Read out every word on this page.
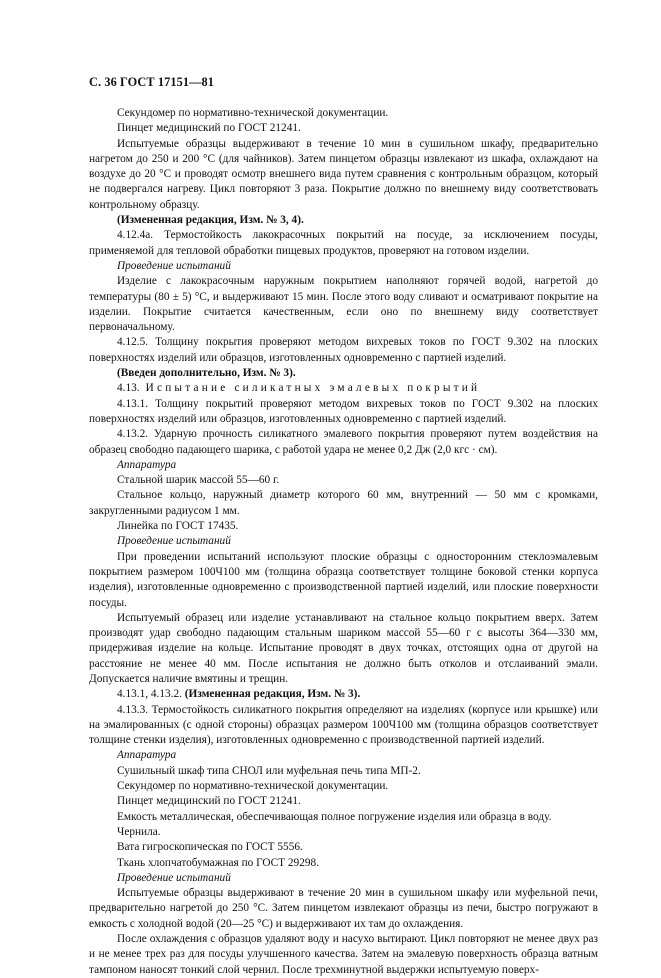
С. 36 ГОСТ 17151—81

Секундомер по нормативно-технической документации.

Пинцет медицинский по ГОСТ 21241.

Испытуемые образцы выдерживают в течение 10 мин в сушильном шкафу, предварительно нагретом до 250 и 200 °С (для чайников). Затем пинцетом образцы извлекают из шкафа, охлаждают на воздухе до 20 °С и проводят осмотр внешнего вида путем сравнения с контрольным образцом, который не подвергался нагреву. Цикл повторяют 3 раза. Покрытие должно по внешнему виду соответствовать контрольному образцу.

(Измененная редакция, Изм. № 3, 4).

4.12.4а. Термостойкость лакокрасочных покрытий на посуде, за исключением посуды, применяемой для тепловой обработки пищевых продуктов, проверяют на готовом изделии.

Проведение испытаний

Изделие с лакокрасочным наружным покрытием наполняют горячей водой, нагретой до температуры (80 ± 5) °С, и выдерживают 15 мин. После этого воду сливают и осматривают покрытие на изделии. Покрытие считается качественным, если оно по внешнему виду соответствует первоначальному.

4.12.5. Толщину покрытия проверяют методом вихревых токов по ГОСТ 9.302 на плоских поверхностях изделий или образцов, изготовленных одновременно с партией изделий.

(Введен дополнительно, Изм. № 3).

4.13. Испытание силикатных эмалевых покрытий

4.13.1. Толщину покрытий проверяют методом вихревых токов по ГОСТ 9.302 на плоских поверхностях изделий или образцов, изготовленных одновременно с партией изделий.

4.13.2. Ударную прочность силикатного эмалевого покрытия проверяют путем воздействия на образец свободно падающего шарика, с работой удара не менее 0,2 Дж (2,0 кгс · см).

Аппаратура

Стальной шарик массой 55—60 г.

Стальное кольцо, наружный диаметр которого 60 мм, внутренний — 50 мм с кромками, закругленными радиусом 1 мм.

Линейка по ГОСТ 17435.

Проведение испытаний

При проведении испытаний используют плоские образцы с односторонним стеклоэмалевым покрытием размером 100Ч100 мм (толщина образца соответствует толщине боковой стенки корпуса изделия), изготовленные одновременно с производственной партией изделий, или плоские поверхности посуды.

Испытуемый образец или изделие устанавливают на стальное кольцо покрытием вверх. Затем производят удар свободно падающим стальным шариком массой 55—60 г с высоты 364—330 мм, придерживая изделие на кольце. Испытание проводят в двух точках, отстоящих одна от другой на расстояние не менее 40 мм. После испытания не должно быть отколов и отслаиваний эмали. Допускается наличие вмятины и трещин.

4.13.1, 4.13.2. (Измененная редакция, Изм. № 3).

4.13.3. Термостойкость силикатного покрытия определяют на изделиях (корпусе или крышке) или на эмалированных (с одной стороны) образцах размером 100Ч100 мм (толщина образцов соответствует толщине стенки изделия), изготовленных одновременно с производственной партией изделий.

Аппаратура

Сушильный шкаф типа СНОЛ или муфельная печь типа МП-2.

Секундомер по нормативно-технической документации.

Пинцет медицинский по ГОСТ 21241.

Емкость металлическая, обеспечивающая полное погружение изделия или образца в воду.

Чернила.

Вата гигроскопическая по ГОСТ 5556.

Ткань хлопчатобумажная по ГОСТ 29298.

Проведение испытаний

Испытуемые образцы выдерживают в течение 20 мин в сушильном шкафу или муфельной печи, предварительно нагретой до 250 °С. Затем пинцетом извлекают образцы из печи, быстро погружают в емкость с холодной водой (20—25 °С) и выдерживают их там до охлаждения.

После охлаждения с образцов удаляют воду и насухо вытирают. Цикл повторяют не менее двух раз и не менее трех раз для посуды улучшенного качества. Затем на эмалевую поверхность образца ватным тампоном наносят тонкий слой чернил. После трехминутной выдержки испытуемую поверх-
